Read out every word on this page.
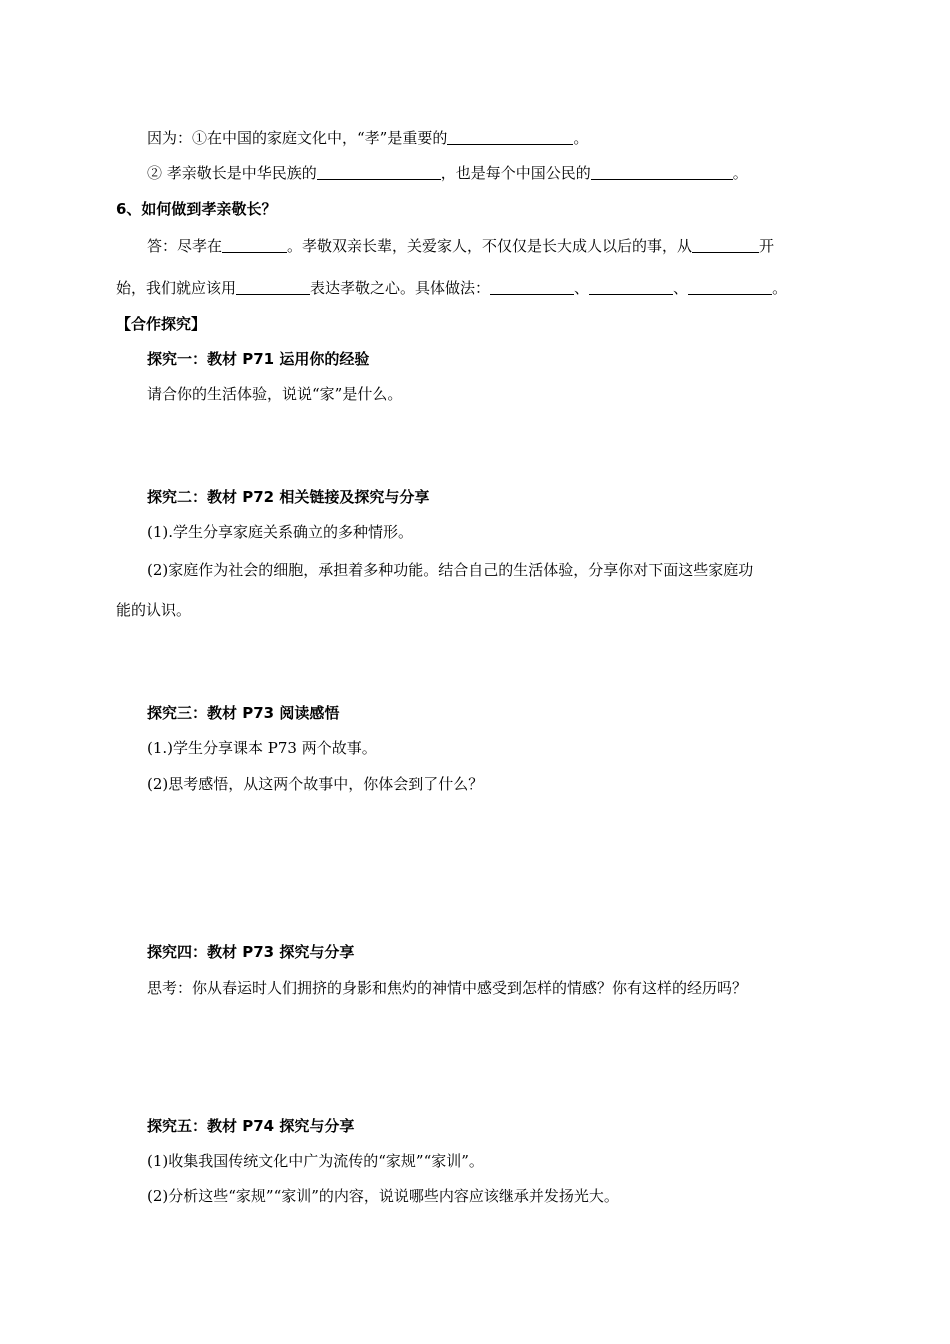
因为：①在中国的家庭文化中，“孝”是重要的	。
② 孝亲敬长是中华民族的	，也是每个中国公民的	。
6、如何做到孝亲敬长？
答：尽孝在	。孝敬双亲长辈，关爱家人，不仅仅是长大成人以后的事，从	开
始，我们就应该用	表达孝敬之心。具体做法：	、	、	。
【合作探究】
探究一：教材 P71 运用你的经验
请合你的生活体验，说说“家”是什么。
探究二：教材 P72 相关链接及探究与分享
(1).学生分享家庭关系确立的多种情形。
(2)家庭作为社会的细胞，承担着多种功能。结合自己的生活体验，分享你对下面这些家庭功
能的认识。
探究三：教材 P73 阅读感悟
(1.)学生分享课本 P73 两个故事。
(2)思考感悟，从这两个故事中，你体会到了什么？
探究四：教材 P73 探究与分享
思考：你从春运时人们拥挤的身影和焦灼的神情中感受到怎样的情感？你有这样的经历吗？
探究五：教材 P74 探究与分享
(1)收集我国传统文化中广为流传的“家规”“家训”。
(2)分析这些“家规”“家训”的内容，说说哪些内容应该继承并发扬光大。
